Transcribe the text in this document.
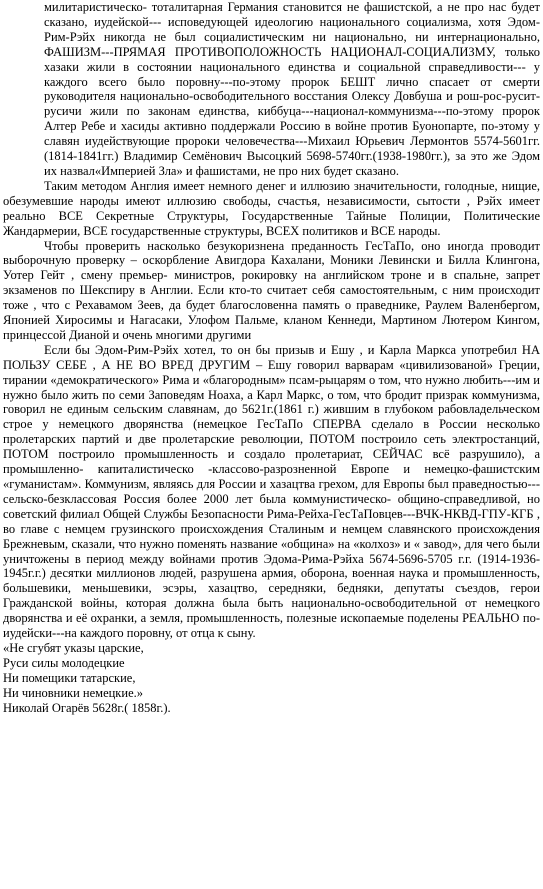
милитаристическо- тоталитарная Германия становится не фашистской, а не про нас будет сказано, иудейской--- исповедующей идеологию национального социализма, хотя Эдом-Рим-Рэйх никогда не был социалистическим ни национально, ни интернационально, ФАШИЗМ---ПРЯМАЯ ПРОТИВОПОЛОЖНОСТЬ НАЦИОНАЛ-СОЦИАЛИЗМУ, только хазаки жили в состоянии национального единства и социальной справедливости--- у каждого всего было поровну---по-этому пророк БЕШТ лично спасает от смерти руководителя национально-освободительного восстания Олексу Довбуша и рош-рос-русит-русичи жили по законам единства, киббуца---национал-коммунизма---по-этому пророк Алтер Ребе и хасиды активно поддержали Россию в войне против Буонопарте, по-этому у славян иудействующие пророки человечества---Михаил Юрьевич Лермонтов 5574-5601гг.(1814-1841гг.) Владимир Семёнович Высоцкий 5698-5740гг.(1938-1980гг.), за это же Эдом их назвал«Империей Зла» и фашистами, не про них будет сказано.

Таким методом Англия имеет немного денег и иллюзию значительности, голодные, нищие, обезумевшие народы имеют иллюзию свободы, счастья, независимости, сытости , Рэйх имеет реально ВСЕ Секретные Структуры, Государственные Тайные Полиции, Политические Жандармерии, ВСЕ государственные структуры, ВСЕХ политиков и ВСЕ народы.

Чтобы проверить насколько безукоризнена преданность ГесТаПо, оно иногда проводит выборочную проверку – оскорбление Авигдора Кахалани, Моники Левински и Билла Клингона, Уотер Гейт , смену премьер- министров, рокировку на английском троне и в спальне, запрет экзаменов по Шекспиру в Англии. Если кто-то считает себя самостоятельным, с ним происходит тоже , что с Рехавамом Зеев, да будет благословенна память о праведнике, Раулем Валенбергом, Японией Хиросимы и Нагасаки, Улофом Пальме, кланом Кеннеди, Мартином Лютером Кингом, принцессой Дианой и очень многими другими

Если бы Эдом-Рим-Рэйх хотел, то он бы призыв и Ешу , и Карла Маркса употребил НА ПОЛЬЗУ СЕБЕ , А НЕ ВО ВРЕД ДРУГИМ – Ешу говорил варварам «цивилизованой» Греции, тирании «демократического» Рима и «благородным» псам-рыцарям о том, что нужно любить---им и нужно было жить по семи Заповедям Ноаха, а Карл Маркс, о том, что бродит призрак коммунизма, говорил не единым сельским славянам, до 5621г.(1861 г.) жившим в глубоком рабовладельческом строе у немецкого дворянства (немецкое ГесТаПо СПЕРВА сделало в России несколько пролетарских партий и две пролетарские революции, ПОТОМ построило сеть электростанций, ПОТОМ построило промышленность и создало пролетариат, СЕЙЧАС всё разрушило), а промышленно- капиталистическо -классово-разрозненной Европе и немецко-фашистским «гуманистам». Коммунизм, являясь для России и хазацтва грехом, для Европы был праведностью--- сельско-безклассовая Россия более 2000 лет была коммунистическо- общино-справедливой, но советский филиал Общей Службы Безопасности Рима-Рейха-ГесТаПовцев---ВЧК-НКВД-ГПУ-КГБ , во главе с немцем грузинского происхождения Сталиным и немцем славянского происхождения Брежневым, сказали, что нужно поменять название «община» на «колхоз» и « завод», для чего были уничтожены в период между войнами против Эдома-Рима-Рэйха 5674-5696-5705 г.г. (1914-1936-1945г.г.) десятки миллионов людей, разрушена армия, оборона, военная наука и промышленность, большевики, меньшевики, эсэры, хазацтво, середняки, бедняки, депутаты съездов, герои Гражданской войны, которая должна была быть национально-освободительной от немецкого дворянства и её охранки, а земля, промышленность, полезные ископаемые поделены РЕАЛЬНО по-иудейски---на каждого поровну, от отца к сыну.

«Не сгубят указы царские,

Руси силы молодецкие

Ни помещики татарские,

Ни чиновники немецкие.»

Николай Огарёв 5628г.( 1858г.).
